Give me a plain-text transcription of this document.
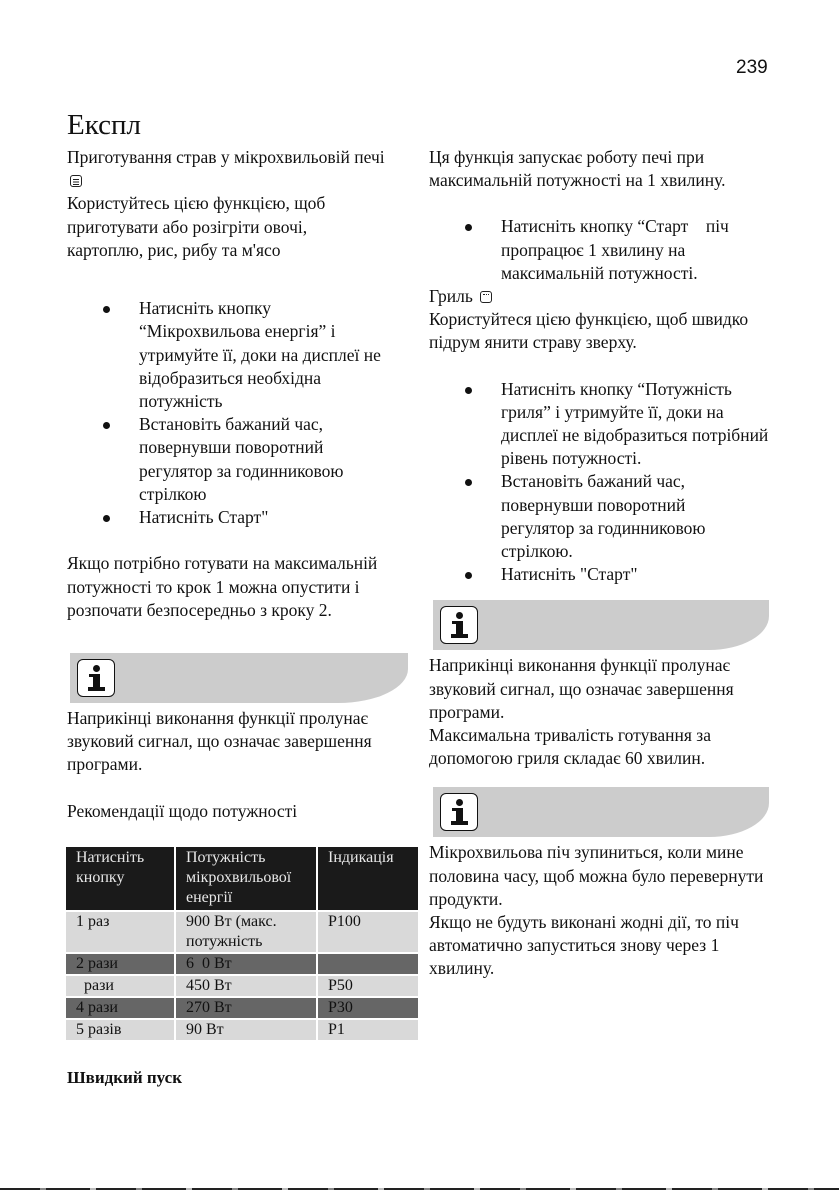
239
Експл

Приготування страв у мікрохвильовій печі

Користуйтесь цією функцією, щоб

приготувати або розігріти овочі,

картоплю, рис, рибу та м'ясо

Натисніть кнопку “Мікрохвильова енергія” і утримуйте її, доки на дисплеї не відобразиться необхідна потужність
Встановіть бажаний час, повернувши поворотний регулятор за годинниковою стрілкою
Натисніть Старт"

Якщо потрібно готувати на максимальній потужності то крок 1 можна опустити і розпочати безпосередньо з кроку 2.

Наприкінці виконання функції пролунає звуковий сигнал, що означає завершення програми.

Рекомендації щодо потужності

Натисніть кнопку	Потужність мікрохвильової енергії	Індикація
1 раз	900 Вт (макс. потужність	P100
2 рази	6  0 Вт	
рази	450 Вт	P50
4 рази	270 Вт	P30
5 разів	90 Вт	P1
Швидкий пуск

Ця функція запускає роботу печі при максимальній потужності на 1 хвилину.

Натисніть кнопку “Старт    піч пропрацює 1 хвилину на максимальній потужності.

Гриль

Користуйтеся цією функцією, щоб швидко підрум янити страву зверху.

Натисніть кнопку “Потужність гриля” і утримуйте її, доки на дисплеї не відобразиться потрібний рівень потужності.
Встановіть бажаний час, повернувши поворотний регулятор за годинниковою стрілкою.
Натисніть "Старт"

Наприкінці виконання функції пролунає звуковий сигнал, що означає завершення програми.

Максимальна тривалість готування за допомогою гриля складає 60 хвилин.

Мікрохвильова піч зупиниться, коли мине половина часу, щоб можна було перевернути продукти.

Якщо не будуть виконані жодні дії, то піч автоматично запуститься знову через 1 хвилину.
